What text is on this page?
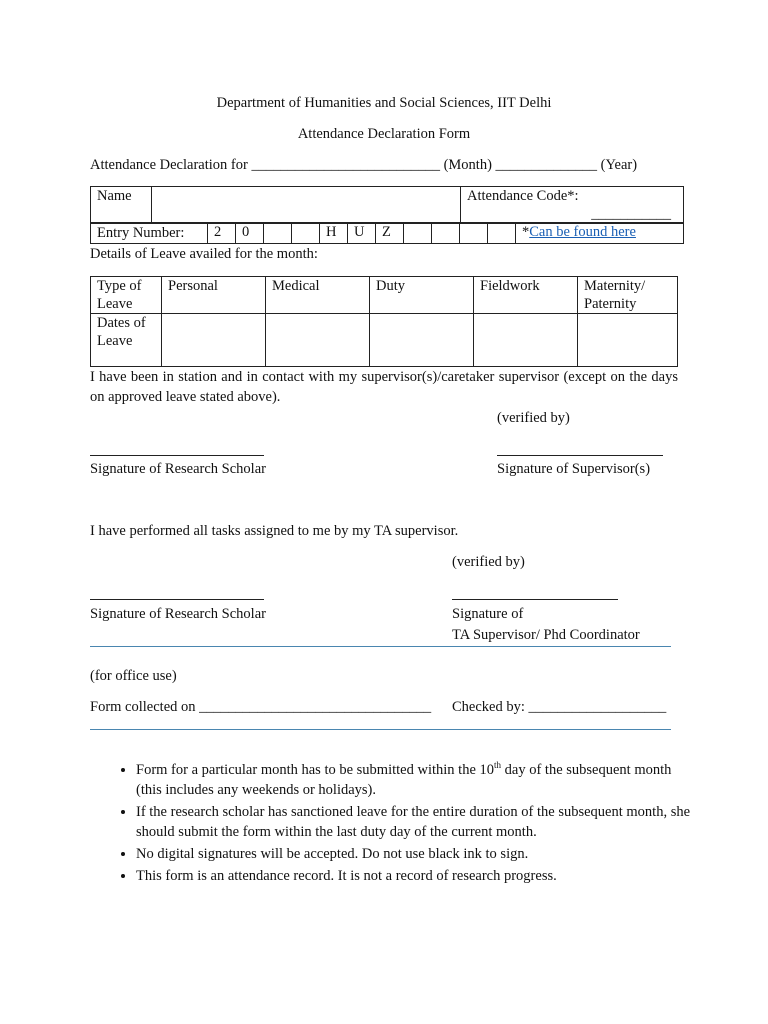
Department of Humanities and Social Sciences, IIT Delhi
Attendance Declaration Form
Attendance Declaration for __________________________ (Month) ______________ (Year)
Name		Attendance Code*:
___________
Entry Number:	2	0			H	U	Z					*Can be found here
Details of Leave availed for the month:
Type of Leave	Personal	Medical	Duty	Fieldwork	Maternity/ Paternity
Dates of Leave					
I have been in station and in contact with my supervisor(s)/caretaker supervisor (except on the days on approved leave stated above).
(verified by)
Signature of Research Scholar	Signature of Supervisor(s)
I have performed all tasks assigned to me by my TA supervisor.
(verified by)
Signature of Research Scholar	Signature of
TA Supervisor/ Phd Coordinator
(for office use)
Form collected on ________________________________ Checked by: ___________________
• Form for a particular month has to be submitted within the 10th day of the subsequent month (this includes any weekends or holidays).
• If the research scholar has sanctioned leave for the entire duration of the subsequent month, she should submit the form within the last duty day of the current month.
• No digital signatures will be accepted. Do not use black ink to sign.
• This form is an attendance record. It is not a record of research progress.
